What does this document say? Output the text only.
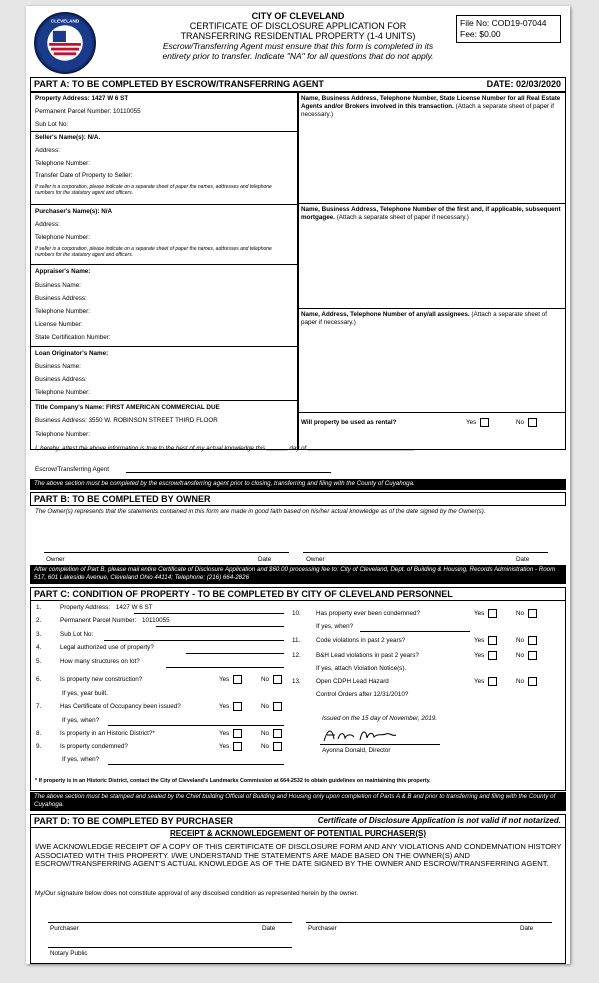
CLEVELAND	CITY OF CLEVELAND
CERTIFICATE OF DISCLOSURE APPLICATION FOR
TRANSFERRING RESIDENTIAL PROPERTY (1-4 UNITS)
Escrow/Transferring Agent must ensure that this form is completed in its
entirety prior to transfer. Indicate "NA" for all questions that do not apply.
File No: COD19-07044
Fee: $0.00
PART A: TO BE COMPLETED BY ESCROW/TRANSFERRING AGENT	DATE: 02/03/2020
Property Address: 1427 W 6 ST
Permanent Parcel Number: 10110055
Sub Lot No:
Seller's Name(s): N/A.
Address:
Telephone Number:
Transfer Date of Property to Seller:
If seller is a corporation, please indicate on a separate sheet of paper the names, addresses and telephone numbers for the statutory agent and officers.
Purchaser's Name(s): N/A
Address:
Telephone Number:
If seller is a corporation, please indicate on a separate sheet of paper the names, addresses and telephone numbers for the statutory agent and officers.
Appraiser's Name:
Business Name:
Business Address:
Telephone Number:
License Number:
State Certification Number:
Loan Originator's Name:
Business Name:
Business Address:
Telephone Number:
Title Company's Name: FIRST AMERICAN COMMERCIAL DUE
Business Address: 3550 W. ROBINSON STREET THIRD FLOOR
Telephone Number:
Name, Business Address, Telephone Number, State License Number for all Real Estate Agents and/or Brokers involved in this transaction. (Attach a separate sheet of paper if necessary.)
Name, Business Address, Telephone Number of the first and, if applicable, subsequent mortgagee. (Attach a separate sheet of paper if necessary.)
Name, Address, Telephone Number of any/all assignees. (Attach a separate sheet of paper if necessary.)
Will property be used as rental?	Yes	No
I, hereby, attest the above information is true to the best of my actual knowledge this ______ day of _______________________________
Escrow/Transferring Agent
The above section must be completed by the escrow/transferring agent prior to closing, transferring and filing with the County of Cuyahoga.
PART B: TO BE COMPLETED BY OWNER
The Owner(s) represents that the statements contained in this form are made in good faith based on his/her actual knowledge as of the date signed by the Owner(s).
Owner	Date	Owner	Date
After completion of Part B, please mail entire Certificate of Disclosure Application and $60.00 processing fee to: City of Cleveland, Dept. of Building & Housing, Records Administration - Room 517, 601 Lakeside Avenue, Cleveland Ohio 44114; Telephone: (216) 664-2826
PART C: CONDITION OF PROPERTY - TO BE COMPLETED BY CITY OF CLEVELAND PERSONNEL
1.	Property Address: 1427 W 6 ST
2.	Permanent Parcel Number: 10110055
3.	Sub Lot No:
4.	Legal authorized use of property?
5.	How many structures on lot?
6.	Is property new construction?	Yes	No
If yes, year built.
7.	Has Certificate of Occupancy been issued?	Yes	No
If yes, when?
8.	Is property in an Historic District?*	Yes	No
9.	Is property condemned?	Yes	No
If yes, when?
10. Has property ever been condemned?	Yes	No
If yes, when?
11. Code violations in past 2 years?	Yes	No
12. B&H Lead violations in past 2 years?	Yes	No
If yes, attach Violation Notice(s).
13. Open CDPH Lead Hazard	Yes	No
Control Orders after 12/31/2010?
Issued on the 15 day of November, 2019.
Ayonna Donald, Director
* If property is in an Historic District, contact the City of Cleveland's Landmarks Commission at 664-2532 to obtain guidelines on maintaining this property.
The above section must be stamped and sealed by the Chief building Official of Building and Housing only upon completion of Parts A & B and prior to transferring and filing with the County of Cuyahoga.
PART D: TO BE COMPLETED BY PURCHASER	Certificate of Disclosure Application is not valid if not notarized.
RECEIPT & ACKNOWLEDGEMENT OF POTENTIAL PURCHASER(S)
I/WE ACKNOWLEDGE RECEIPT OF A COPY OF THIS CERTIFICATE OF DISCLOSURE FORM AND ANY VIOLATIONS AND CONDEMNATION HISTORY ASSOCIATED WITH THIS PROPERTY. I/WE UNDERSTAND THE STATEMENTS ARE MADE BASED ON THE OWNER(S) AND ESCROW/TRANSFERRING AGENT'S ACTUAL KNOWLEDGE AS OF THE DATE SIGNED BY THE OWNER AND ESCROW/TRANSFERRING AGENT.
My/Our signature below does not constitute approval of any discolsed condition as represented herein by the owner.
Purchaser	Date	Purchaser	Date
Notary Public
